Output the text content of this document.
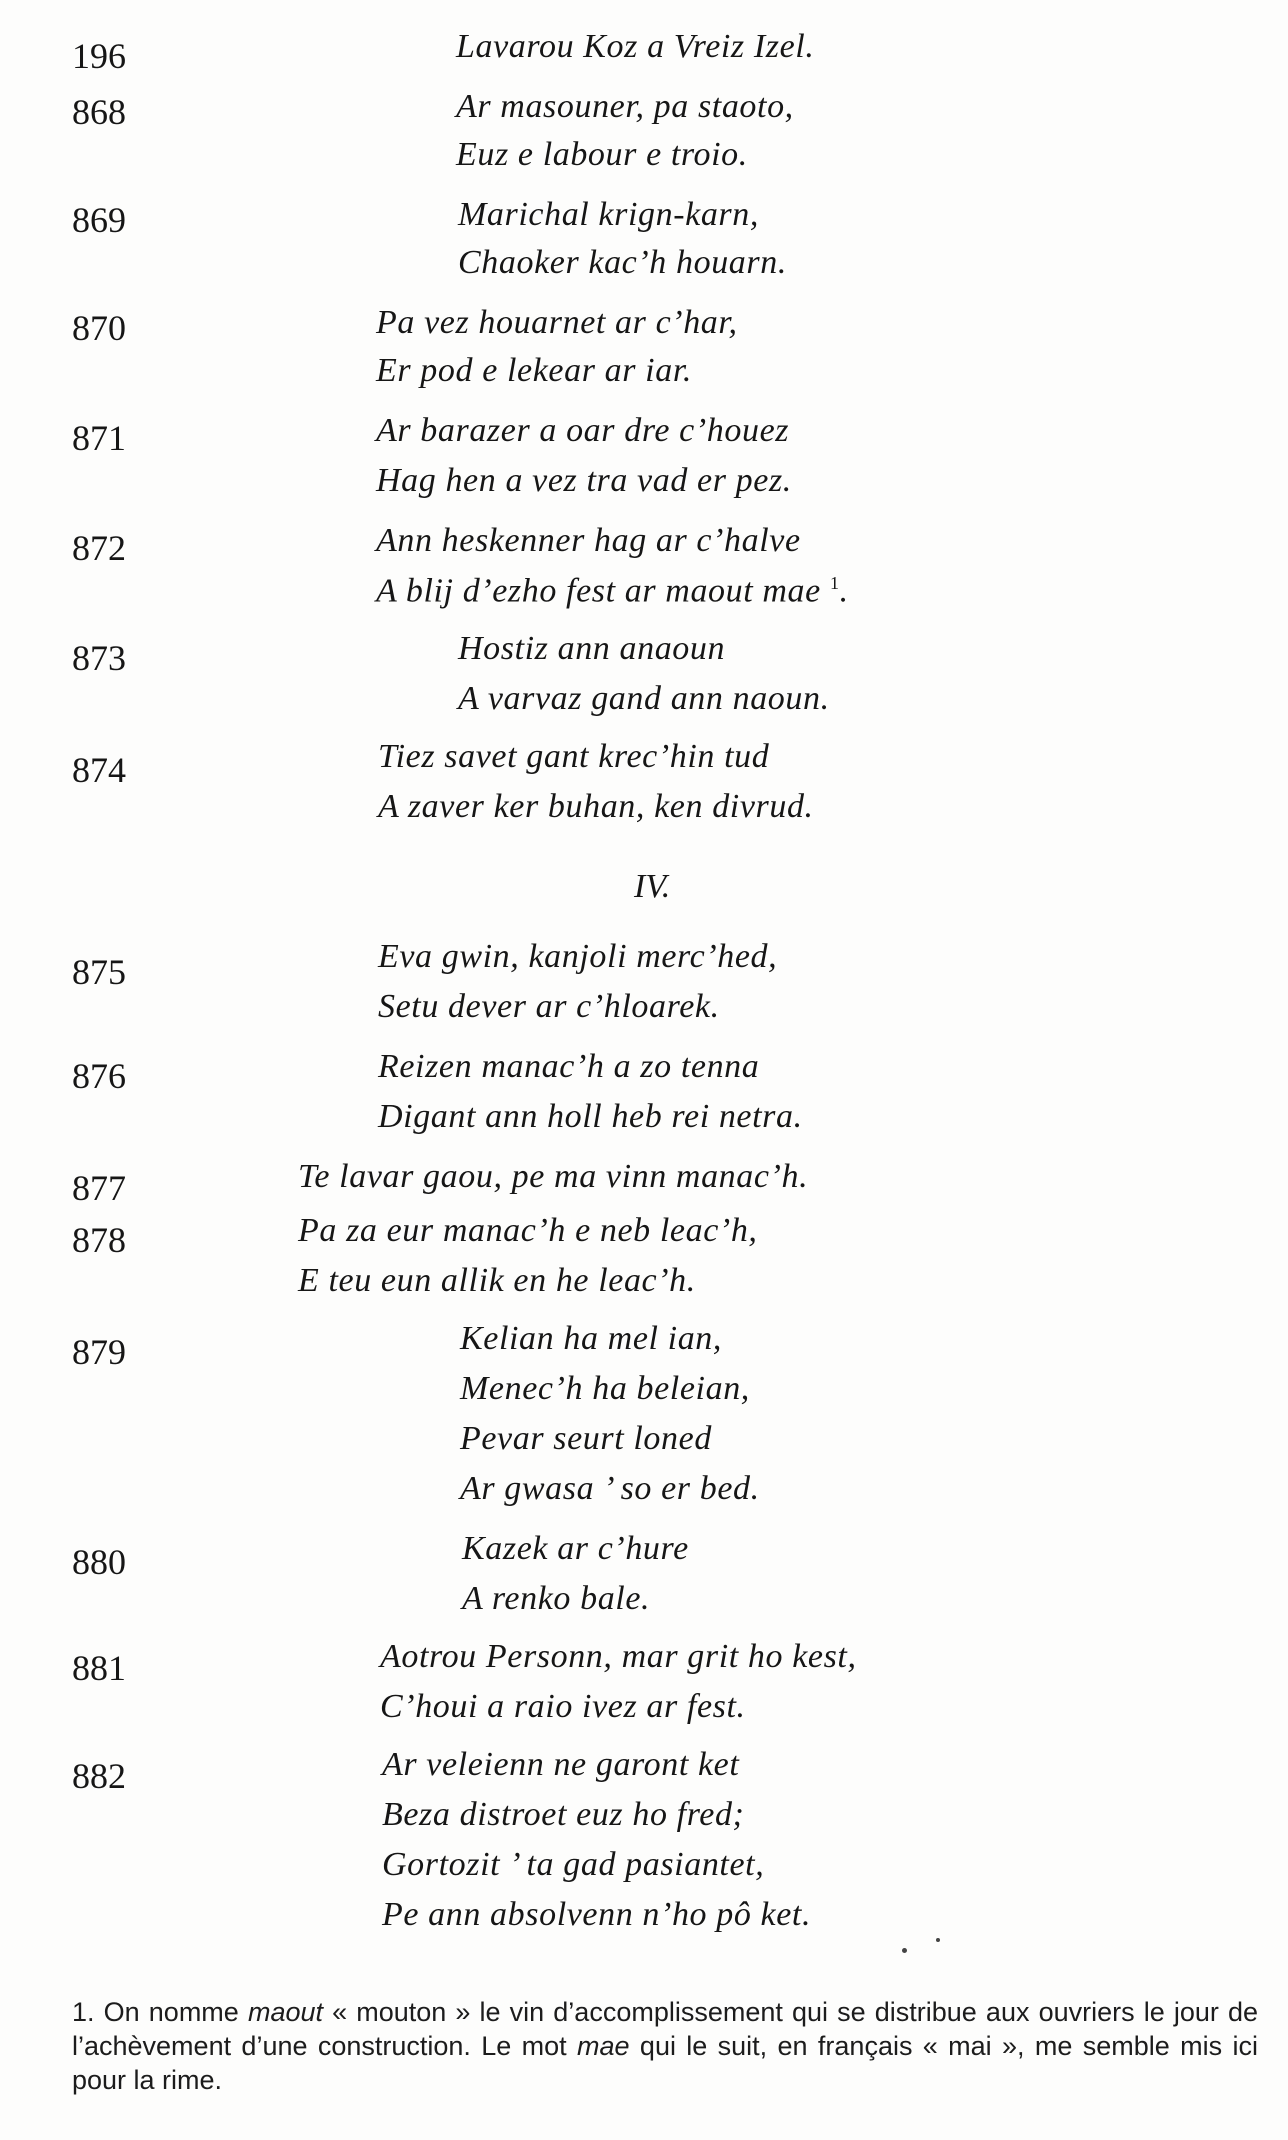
196	Lavarou Koz a Vreiz Izel.
868	Ar masouner, pa staoto,
Euz e labour e troio.
869	Marichal krign-karn,
Chaoker kac’h houarn.
870	Pa vez houarnet ar c’har,
Er pod e lekear ar iar.
871	Ar barazer a oar dre c’houez
Hag hen a vez tra vad er pez.
872	Ann heskenner hag ar c’halve
A blij d’ezho fest ar maout mae $^1$.
873	Hostiz ann anaoun
A varvaz gand ann naoun.
874	Tiez savet gant krec’hin tud
A zaver ker buhan, ken divrud.
IV.
875	Eva gwin, kanjoli merc’hed,
Setu dever ar c’hloarek.
876	Reizen manac’h a zo tenna
Digant ann holl heb rei netra.
877	Te lavar gaou, pe ma vinn manac’h.
878	Pa za eur manac’h e neb leac’h,
E teu eun allik en he leac’h.
879	Kelian ha mel ian,
Menec’h ha beleian,
Pevar seurt loned
Ar gwasa ’ so er bed.
880	Kazek ar c’hure
A renko bale.
881	Aotrou Personn, mar grit ho kest,
C’houi a raio ivez ar fest.
882	Ar veleienn ne garont ket
Beza distroet euz ho fred;
Gortozit ’ ta gad pasiantet,
Pe ann absolvenn n’ho pô ket.
1. On nomme maout « mouton » le vin d’accomplissement qui se distribue aux ouvriers le jour de l’achèvement d’une construction. Le mot mae qui le suit, en français « mai », me semble mis ici pour la rime.
